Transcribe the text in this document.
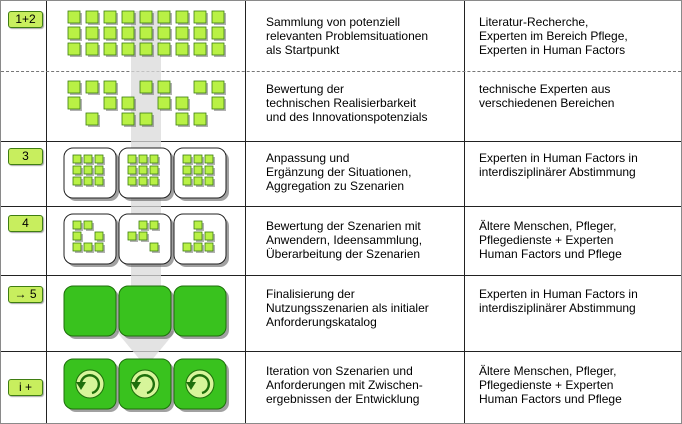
1+2
3
4
→ 5
i +
Sammlung von potenziell
relevanten Problemsituationen
als Startpunkt
Bewertung der
technischen Realisierbarkeit
und des Innovationspotenzials
Anpassung und
Ergänzung der Situationen,
Aggregation zu Szenarien
Bewertung der Szenarien mit
Anwendern, Ideensammlung,
Überarbeitung der Szenarien
Finalisierung der
Nutzungsszenarien als initialer
Anforderungskatalog
Iteration von Szenarien und
Anforderungen mit Zwischen-
ergebnissen der Entwicklung
Literatur-Recherche,
Experten im Bereich Pflege,
Experten in Human Factors
technische Experten aus
verschiedenen Bereichen
Experten in Human Factors in
interdisziplinärer Abstimmung
Ältere Menschen, Pfleger,
Pflegedienste + Experten
Human Factors und Pflege
Experten in Human Factors in
interdisziplinärer Abstimmung
Ältere Menschen, Pfleger,
Pflegedienste + Experten
Human Factors und Pflege
